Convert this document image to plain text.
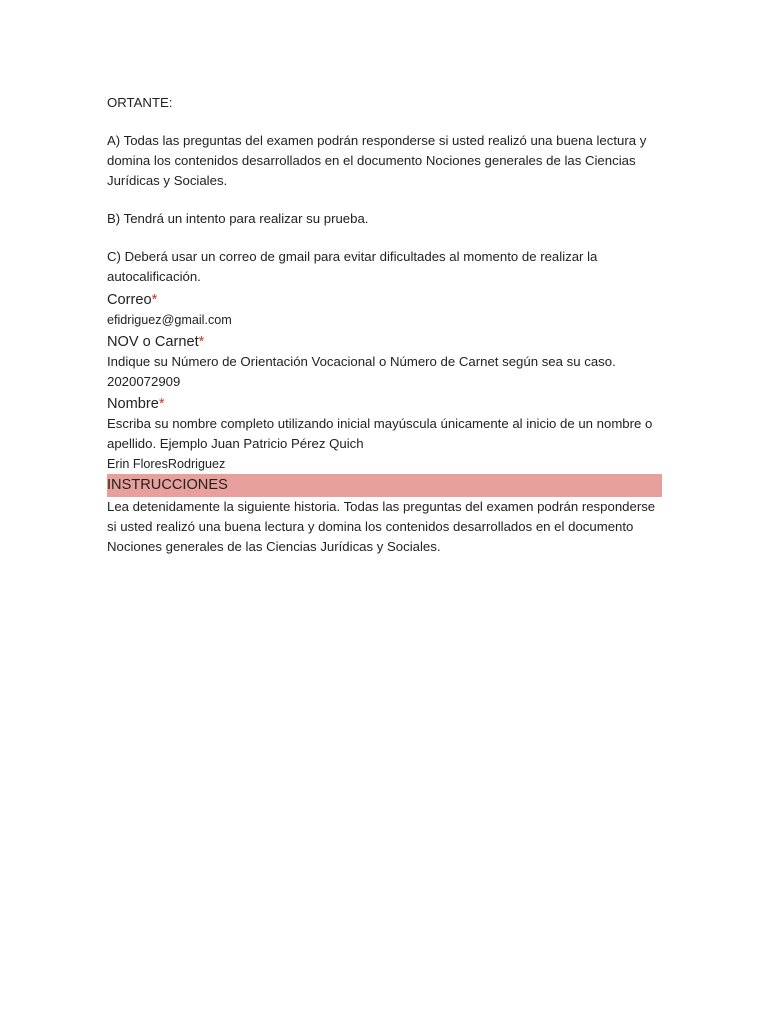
ORTANTE:

A) Todas las preguntas del examen podrán responderse si usted realizó una buena lectura y domina los contenidos desarrollados en el documento Nociones generales de las Ciencias Jurídicas y Sociales.

B) Tendrá un intento para realizar su prueba.

C) Deberá usar un correo de gmail para evitar dificultades al momento de realizar la autocalificación.

Correo*

efidriguez@gmail.com

NOV o Carnet*

Indique su Número de Orientación Vocacional o Número de Carnet según sea su caso.

2020072909

Nombre*

Escriba su nombre completo utilizando inicial mayúscula únicamente al inicio de un nombre o apellido. Ejemplo Juan Patricio Pérez Quich

Erin FloresRodriguez

INSTRUCCIONES

Lea detenidamente la siguiente historia. Todas las preguntas del examen podrán responderse si usted realizó una buena lectura y domina los contenidos desarrollados en el documento Nociones generales de las Ciencias Jurídicas y Sociales.
